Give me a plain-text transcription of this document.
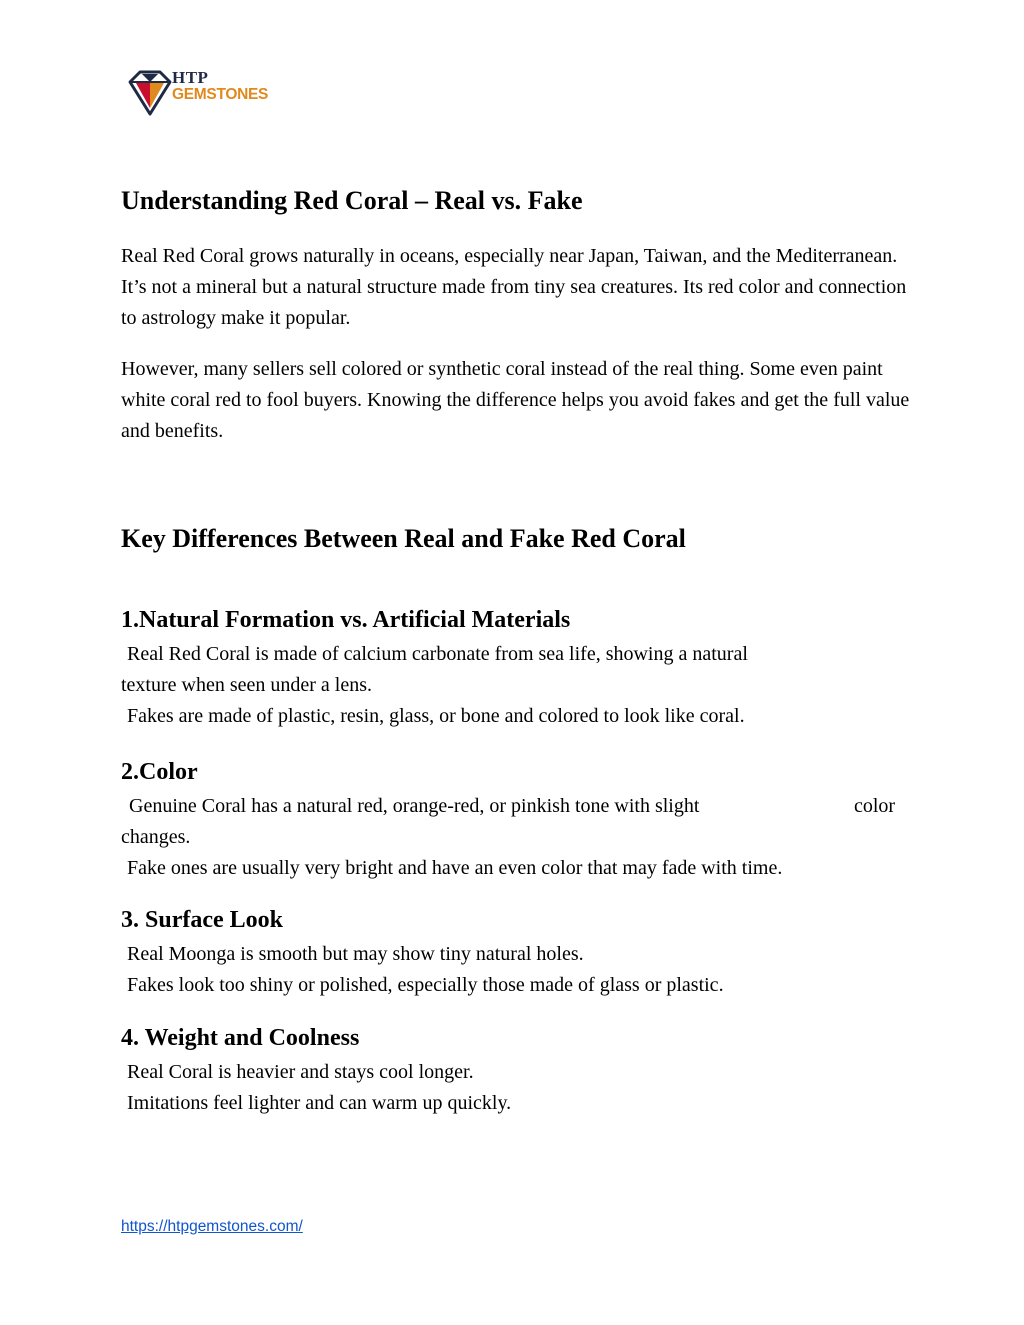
HTP
GEMSTONES
Understanding Red Coral – Real vs. Fake

Real Red Coral grows naturally in oceans, especially near Japan, Taiwan, and the Mediterranean. It’s not a mineral but a natural structure made from tiny sea creatures. Its red color and connection to astrology make it popular.

However, many sellers sell colored or synthetic coral instead of the real thing. Some even paint white coral red to fool buyers. Knowing the difference helps you avoid fakes and get the full value and benefits.

Key Differences Between Real and Fake Red Coral
1.Natural Formation vs. Artificial Materials

Real Red Coral is made of calcium carbonate from sea life, showing a natural

texture when seen under a lens.

Fakes are made of plastic, resin, glass, or bone and colored to look like coral.

2.Color

Genuine Coral has a natural red, orange-red, or pinkish tone with slight	color

changes.

Fake ones are usually very bright and have an even color that may fade with time.

3. Surface Look

Real Moonga is smooth but may show tiny natural holes.

Fakes look too shiny or polished, especially those made of glass or plastic.

4. Weight and Coolness

Real Coral is heavier and stays cool longer.

Imitations feel lighter and can warm up quickly.

https://htpgemstones.com/
